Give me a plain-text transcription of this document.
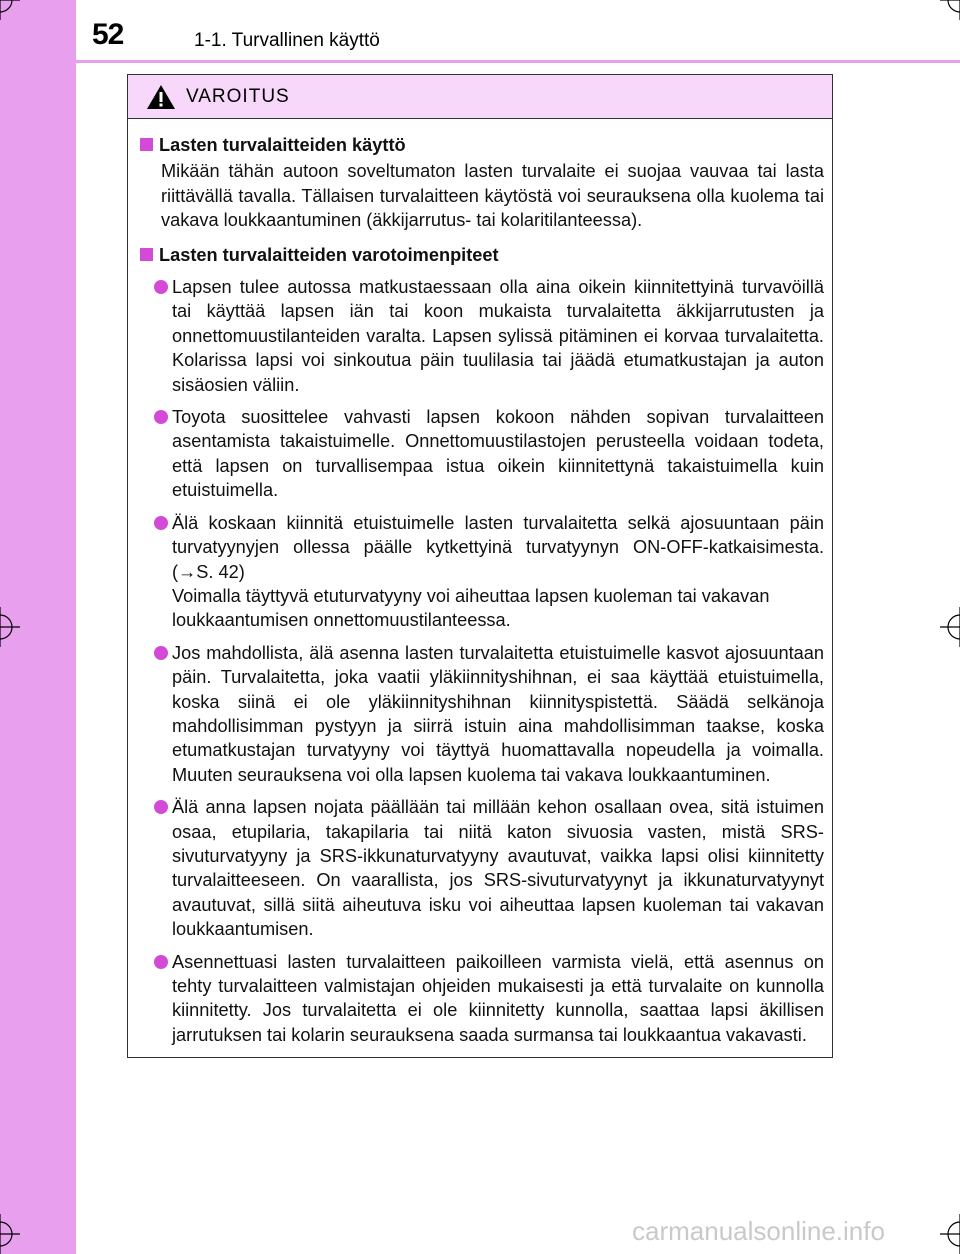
52	1-1. Turvallinen käyttö
VAROITUS
Lasten turvalaitteiden käyttö
Mikään tähän autoon soveltumaton lasten turvalaite ei suojaa vauvaa tai lasta riittävällä tavalla. Tällaisen turvalaitteen käytöstä voi seurauksena olla kuolema tai vakava loukkaantuminen (äkkijarrutus- tai kolaritilanteessa).
Lasten turvalaitteiden varotoimenpiteet
Lapsen tulee autossa matkustaessaan olla aina oikein kiinnitettyinä turvavöillä tai käyttää lapsen iän tai koon mukaista turvalaitetta äkkijarrutusten ja onnettomuustilanteiden varalta. Lapsen sylissä pitäminen ei korvaa turvalaitetta. Kolarissa lapsi voi sinkoutua päin tuulilasia tai jäädä etumatkustajan ja auton sisäosien väliin.
Toyota suosittelee vahvasti lapsen kokoon nähden sopivan turvalaitteen asentamista takaistuimelle. Onnettomuustilastojen perusteella voidaan todeta, että lapsen on turvallisempaa istua oikein kiinnitettynä takaistuimella kuin etuistuimella.
Älä koskaan kiinnitä etuistuimelle lasten turvalaitetta selkä ajosuuntaan päin turvatyynyjen ollessa päälle kytkettyinä turvatyynyn ON-OFF-katkaisimesta. (→S. 42)
Voimalla täyttyvä etuturvatyyny voi aiheuttaa lapsen kuoleman tai vakavan loukkaantumisen onnettomuustilanteessa.
Jos mahdollista, älä asenna lasten turvalaitetta etuistuimelle kasvot ajosuuntaan päin. Turvalaitetta, joka vaatii yläkiinnityshihnan, ei saa käyttää etuistuimella, koska siinä ei ole yläkiinnityshihnan kiinnityspistettä. Säädä selkänoja mahdollisimman pystyyn ja siirrä istuin aina mahdollisimman taakse, koska etumatkustajan turvatyyny voi täyttyä huomattavalla nopeudella ja voimalla. Muuten seurauksena voi olla lapsen kuolema tai vakava loukkaantuminen.
Älä anna lapsen nojata päällään tai millään kehon osallaan ovea, sitä istuimen osaa, etupilaria, takapilaria tai niitä katon sivuosia vasten, mistä SRS-sivuturvatyyny ja SRS-ikkunaturvatyyny avautuvat, vaikka lapsi olisi kiinnitetty turvalaitteeseen. On vaarallista, jos SRS-sivuturvatyynyt ja ikkunaturvatyynyt avautuvat, sillä siitä aiheutuva isku voi aiheuttaa lapsen kuoleman tai vakavan loukkaantumisen.
Asennettuasi lasten turvalaitteen paikoilleen varmista vielä, että asennus on tehty turvalaitteen valmistajan ohjeiden mukaisesti ja että turvalaite on kunnolla kiinnitetty. Jos turvalaitetta ei ole kiinnitetty kunnolla, saattaa lapsi äkillisen jarrutuksen tai kolarin seurauksena saada surmansa tai loukkaantua vakavasti.
carmanualsonline.info
